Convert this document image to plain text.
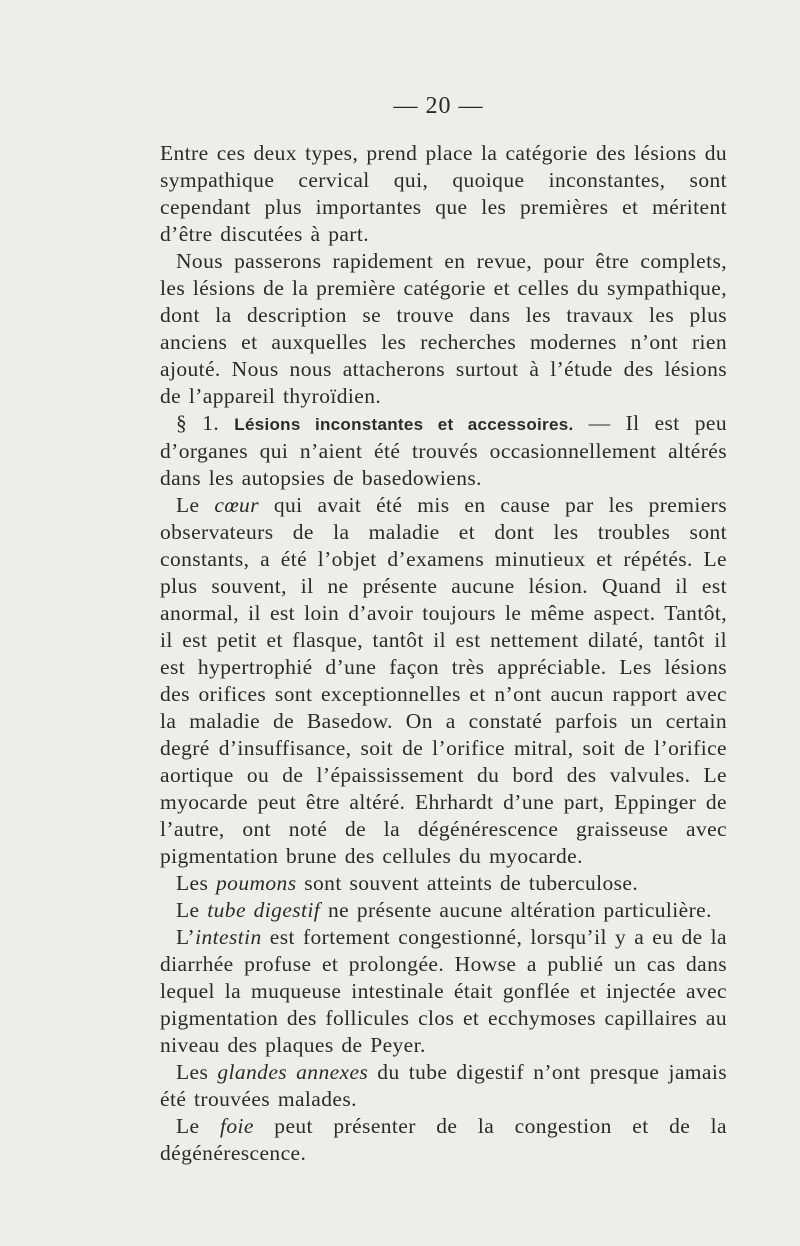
— 20 —

Entre ces deux types, prend place la catégorie des lésions du sympathique cervical qui, quoique inconstantes, sont cependant plus importantes que les premières et méritent d’être discutées à part.

Nous passerons rapidement en revue, pour être complets, les lésions de la première catégorie et celles du sympathique, dont la description se trouve dans les travaux les plus anciens et auxquelles les recherches modernes n’ont rien ajouté. Nous nous attacherons surtout à l’étude des lésions de l’appareil thyroïdien.

§ 1. Lésions inconstantes et accessoires. — Il est peu d’organes qui n’aient été trouvés occasionnellement altérés dans les autopsies de basedowiens.

Le cœur qui avait été mis en cause par les premiers observateurs de la maladie et dont les troubles sont constants, a été l’objet d’examens minutieux et répétés. Le plus souvent, il ne présente aucune lésion. Quand il est anormal, il est loin d’avoir toujours le même aspect. Tantôt, il est petit et flasque, tantôt il est nettement dilaté, tantôt il est hypertrophié d’une façon très appréciable. Les lésions des orifices sont exceptionnelles et n’ont aucun rapport avec la maladie de Basedow. On a constaté parfois un certain degré d’insuffisance, soit de l’orifice mitral, soit de l’orifice aortique ou de l’épaississement du bord des valvules. Le myocarde peut être altéré. Ehrhardt d’une part, Eppinger de l’autre, ont noté de la dégénérescence graisseuse avec pigmentation brune des cellules du myocarde.

Les poumons sont souvent atteints de tuberculose.

Le tube digestif ne présente aucune altération particulière.

L’intestin est fortement congestionné, lorsqu’il y a eu de la diarrhée profuse et prolongée. Howse a publié un cas dans lequel la muqueuse intestinale était gonflée et injectée avec pigmentation des follicules clos et ecchymoses capillaires au niveau des plaques de Peyer.

Les glandes annexes du tube digestif n’ont presque jamais été trouvées malades.

Le foie peut présenter de la congestion et de la dégénérescence.
